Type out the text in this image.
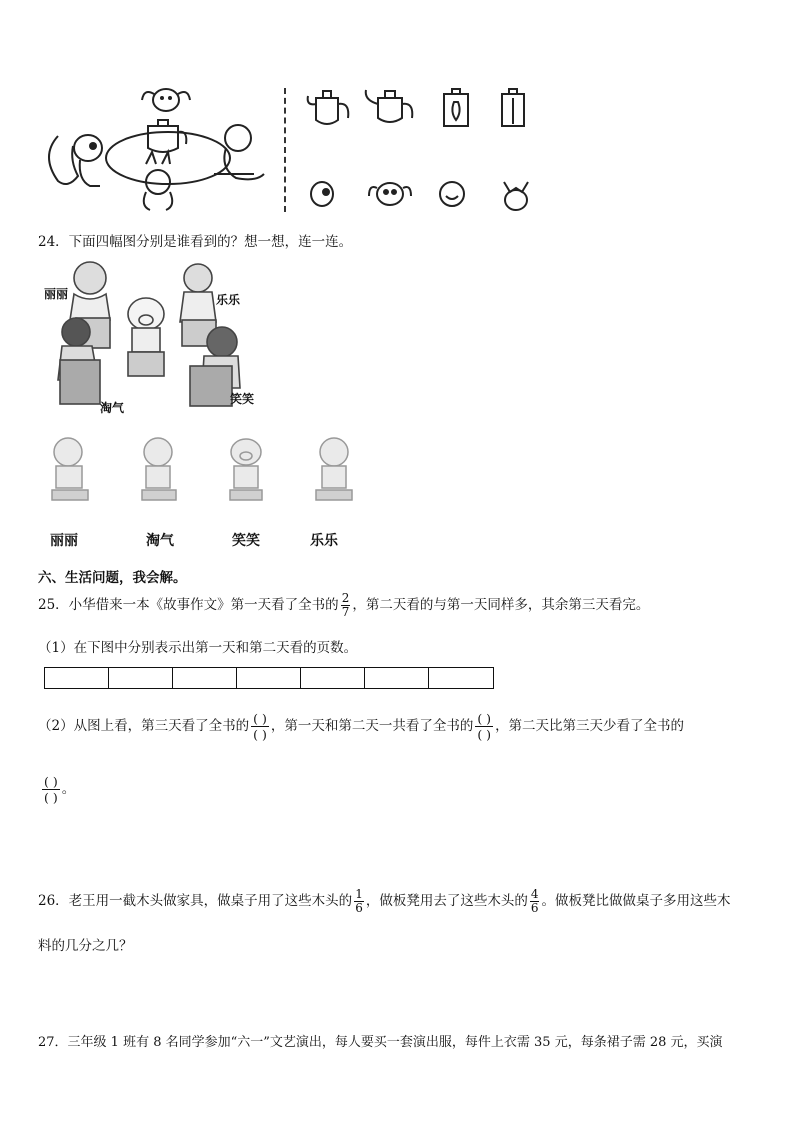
24．下面四幅图分别是谁看到的？想一想，连一连。
丽丽	乐乐
淘气
笑笑
丽丽	淘气	笑笑	乐乐
六、生活问题，我会解。
25．小华借来一本《故事作文》第一天看了全书的 $\frac{2}{7}$ ，第二天看的与第一天同样多，其余第三天看完。
（1）在下图中分别表示出第一天和第二天看的页数。
（2）从图上看，第三天看了全书的 $\frac{( )}{( )}$ ，第一天和第二天一共看了全书的 $\frac{( )}{( )}$ ，第二天比第三天少看了全书的
$\frac{( )}{( )}$ 。
26．老王用一截木头做家具，做桌子用了这些木头的 $\frac{1}{6}$ ，做板凳用去了这些木头的 $\frac{4}{6}$ 。做板凳比做做桌子多用这些木
料的几分之几？
27．三年级 1 班有 8 名同学参加“六一”文艺演出，每人要买一套演出服，每件上衣需 35 元，每条裙子需 28 元，买演
